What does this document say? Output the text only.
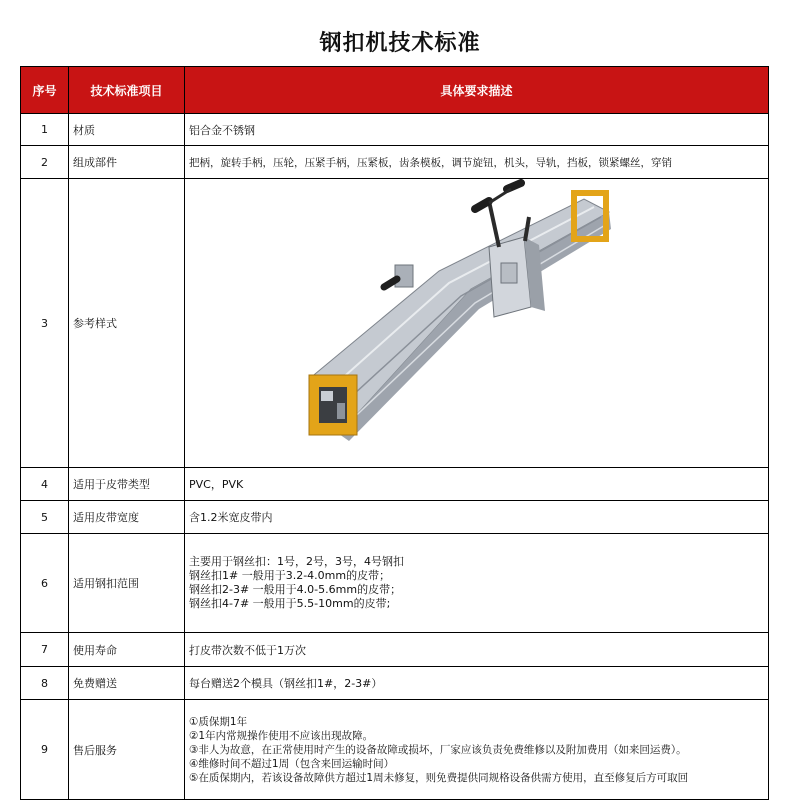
钢扣机技术标准
序号	技术标准项目	具体要求描述
1	材质	铝合金不锈钢
2	组成部件	把柄，旋转手柄，压轮，压紧手柄，压紧板，齿条模板，调节旋钮，机头，导轨，挡板，锁紧螺丝，穿销
3	参考样式	

4	适用于皮带类型	PVC，PVK
5	适用皮带宽度	含1.2米宽皮带内
6	适用钢扣范围	主要用于钢丝扣：1号，2号，3号，4号钢扣
钢丝扣1# 一般用于3.2-4.0mm的皮带；
钢丝扣2-3# 一般用于4.0-5.6mm的皮带；
钢丝扣4-7# 一般用于5.5-10mm的皮带;

7	使用寿命	打皮带次数不低于1万次
8	免费赠送	每台赠送2个模具（钢丝扣1#，2-3#）
9	售后服务	①质保期1年
②1年内常规操作使用不应该出现故障。
③非人为故意，在正常使用时产生的设备故障或损坏，厂家应该负责免费维修以及附加费用（如来回运费）。
④维修时间不超过1周（包含来回运输时间）
⑤在质保期内，若该设备故障供方超过1周未修复，则免费提供同规格设备供需方使用，直至修复后方可取回
